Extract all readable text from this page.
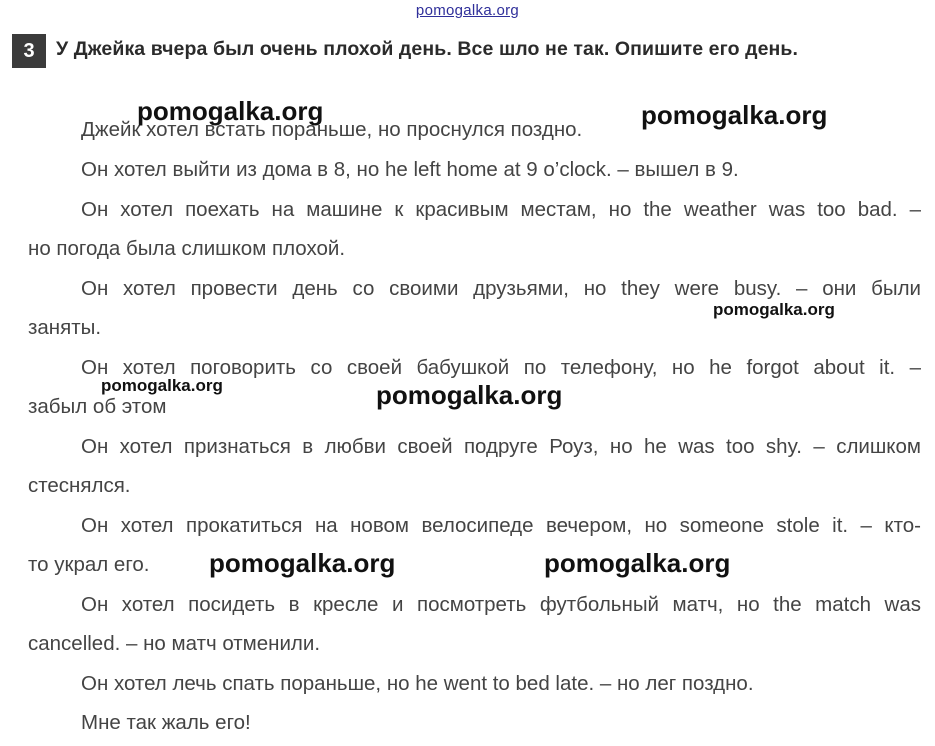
pomogalka.org
3	У Джейка вчера был очень плохой день. Все шло не так. Опишите его день.
Джейк хотел встать пораньше, но проснулся поздно.
Он хотел выйти из дома в 8, но he left home at 9 o’clock. – вышел в 9.
Он хотел поехать на машине к красивым местам, но the weather was too bad. –
но погода была слишком плохой.
Он хотел провести день со своими друзьями, но they were busy. – они были
заняты.
Он хотел поговорить со своей бабушкой по телефону, но he forgot about it. –
забыл об этом
Он хотел признаться в любви своей подруге Роуз, но he was too shy. – слишком
стеснялся.
Он хотел прокатиться на новом велосипеде вечером, но someone stole it. – кто-
то украл его.
Он хотел посидеть в кресле и посмотреть футбольный матч, но the match was
cancelled. – но матч отменили.
Он хотел лечь спать пораньше, но he went to bed late. – но лег поздно.
Мне так жаль его!
pomogalka.org	pomogalka.org
pomogalka.org
pomogalka.org	pomogalka.org
pomogalka.org	pomogalka.org
